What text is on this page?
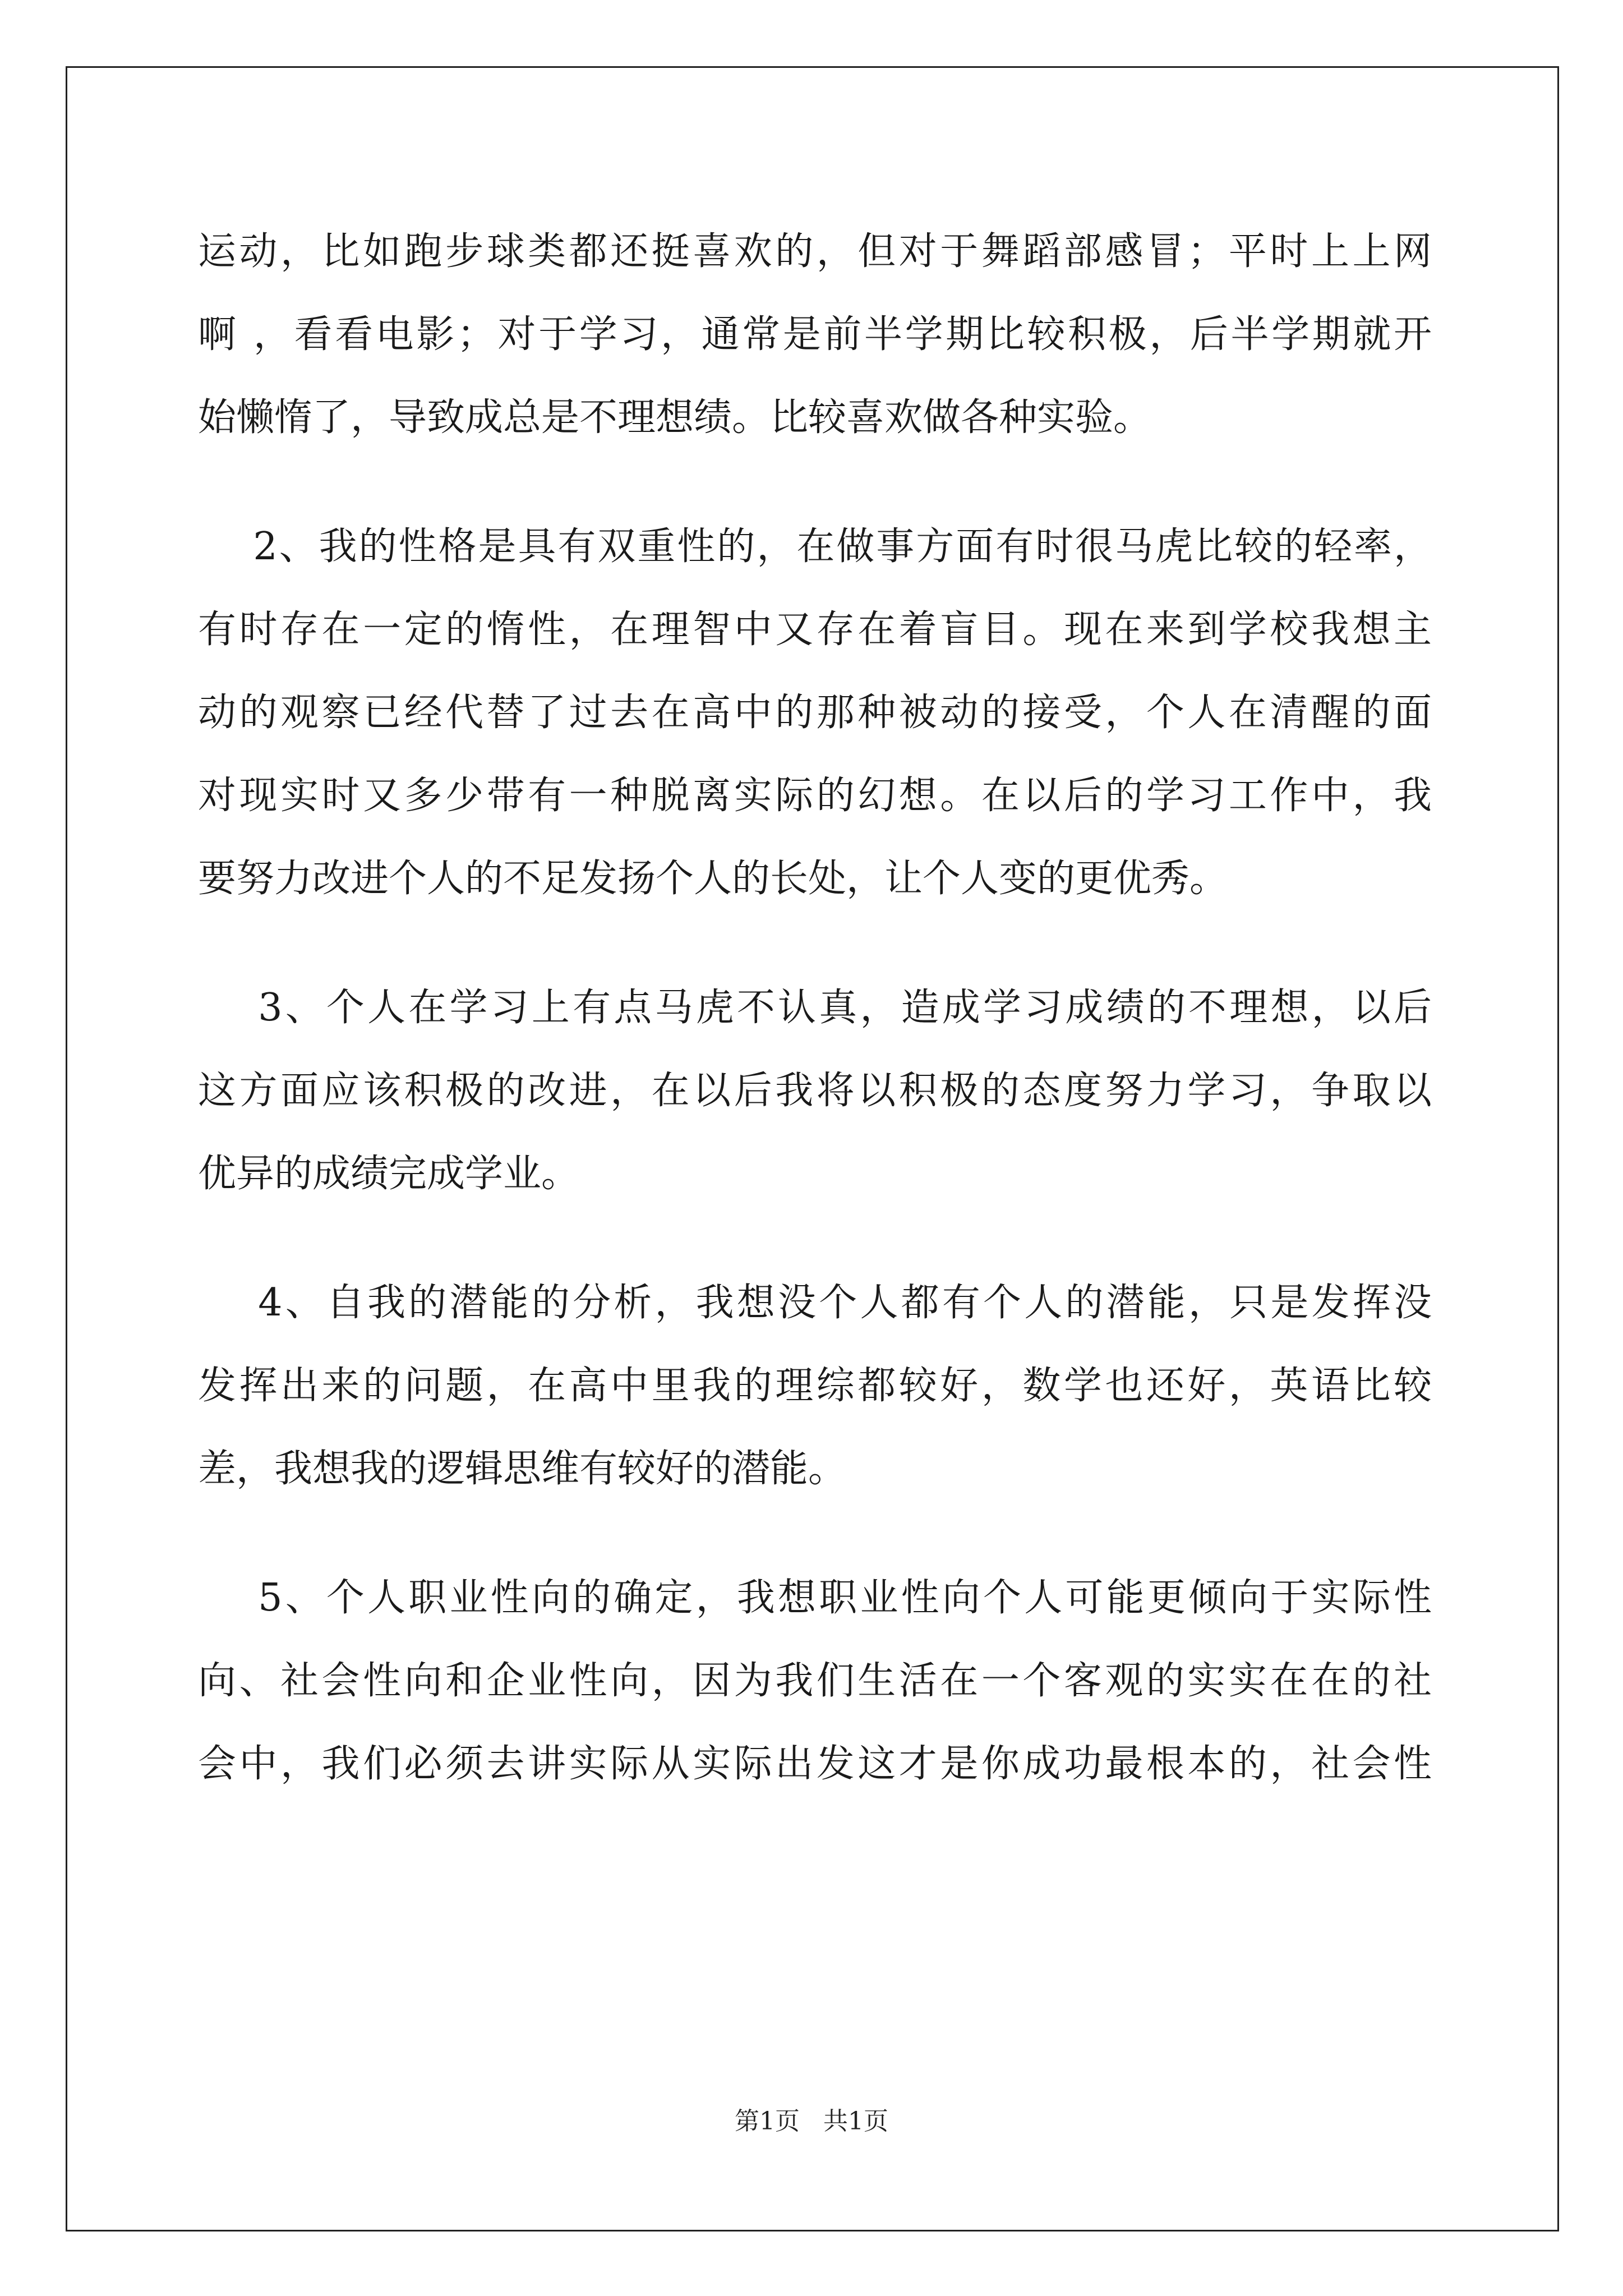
运动，比如跑步球类都还挺喜欢的，但对于舞蹈部感冒；平时上上网
啊 ，看看电影；对于学习，通常是前半学期比较积极，后半学期就开
始懒惰了，导致成总是不理想绩。比较喜欢做各种实验。
2、我的性格是具有双重性的，在做事方面有时很马虎比较的轻率，
有时存在一定的惰性，在理智中又存在着盲目。现在来到学校我想主
动的观察已经代替了过去在高中的那种被动的接受，个人在清醒的面
对现实时又多少带有一种脱离实际的幻想。在以后的学习工作中，我
要努力改进个人的不足发扬个人的长处，让个人变的更优秀。
3、个人在学习上有点马虎不认真，造成学习成绩的不理想，以后
这方面应该积极的改进，在以后我将以积极的态度努力学习，争取以
优异的成绩完成学业。
4、自我的潜能的分析，我想没个人都有个人的潜能，只是发挥没
发挥出来的问题，在高中里我的理综都较好，数学也还好，英语比较
差，我想我的逻辑思维有较好的潜能。
5、个人职业性向的确定，我想职业性向个人可能更倾向于实际性
向、社会性向和企业性向，因为我们生活在一个客观的实实在在的社
会中，我们必须去讲实际从实际出发这才是你成功最根本的，社会性
第1页   共1页
